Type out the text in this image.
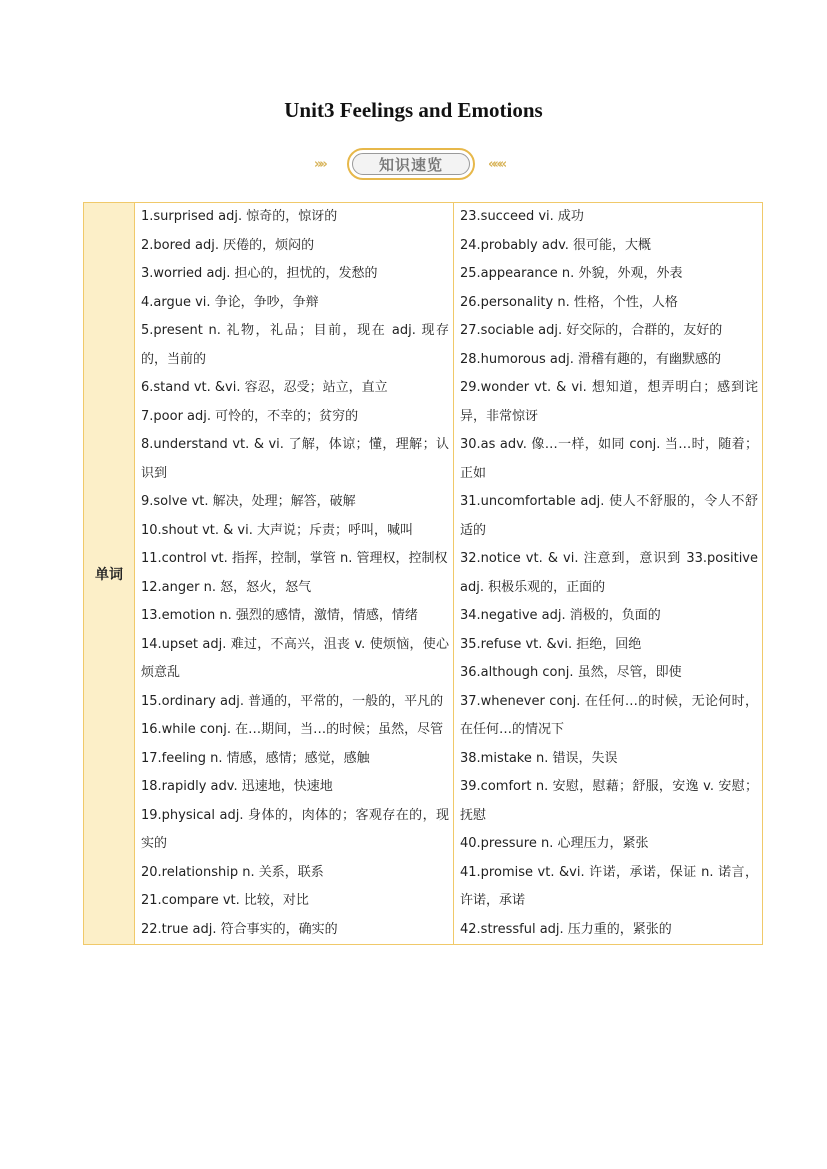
Unit3 Feelings and Emotions
»»	知识速览	«««
单词
1.surprised adj. 惊奇的，惊讶的
2.bored adj. 厌倦的，烦闷的
3.worried adj. 担心的，担忧的，发愁的
4.argue vi. 争论，争吵，争辩
5.present n. 礼物，礼品；目前，现在 adj. 现存的，当前的
6.stand vt. &vi. 容忍，忍受；站立，直立
7.poor adj. 可怜的，不幸的；贫穷的
8.understand vt. & vi. 了解，体谅；懂，理解；认识到
9.solve vt. 解决，处理；解答，破解
10.shout vt. & vi. 大声说；斥责；呼叫，喊叫
11.control vt. 指挥，控制，掌管 n. 管理权，控制权
12.anger n. 怒，怒火，怒气
13.emotion n. 强烈的感情，激情，情感，情绪
14.upset adj. 难过，不高兴，沮丧 v. 使烦恼，使心烦意乱
15.ordinary adj. 普通的，平常的，一般的，平凡的
16.while conj. 在…期间，当…的时候；虽然，尽管
17.feeling n. 情感，感情；感觉，感触
18.rapidly adv. 迅速地，快速地
19.physical adj. 身体的，肉体的；客观存在的，现实的
20.relationship n. 关系，联系
21.compare vt. 比较，对比
22.true adj. 符合事实的，确实的
23.succeed vi. 成功
24.probably adv. 很可能，大概
25.appearance n. 外貌，外观，外表
26.personality n. 性格，个性，人格
27.sociable adj. 好交际的，合群的，友好的
28.humorous adj. 滑稽有趣的，有幽默感的
29.wonder vt. & vi. 想知道，想弄明白；感到诧异，非常惊讶
30.as adv. 像…一样，如同 conj. 当…时，随着；正如
31.uncomfortable adj. 使人不舒服的，令人不舒适的
32.notice vt. & vi. 注意到，意识到 33.positive adj. 积极乐观的，正面的
34.negative adj. 消极的，负面的
35.refuse vt. &vi. 拒绝，回绝
36.although conj. 虽然，尽管，即使
37.whenever conj. 在任何…的时候，无论何时，在任何…的情况下
38.mistake n. 错误，失误
39.comfort n. 安慰，慰藉；舒服，安逸 v. 安慰；抚慰
40.pressure n. 心理压力，紧张
41.promise vt. &vi. 许诺，承诺，保证 n. 诺言，许诺，承诺
42.stressful adj. 压力重的，紧张的
